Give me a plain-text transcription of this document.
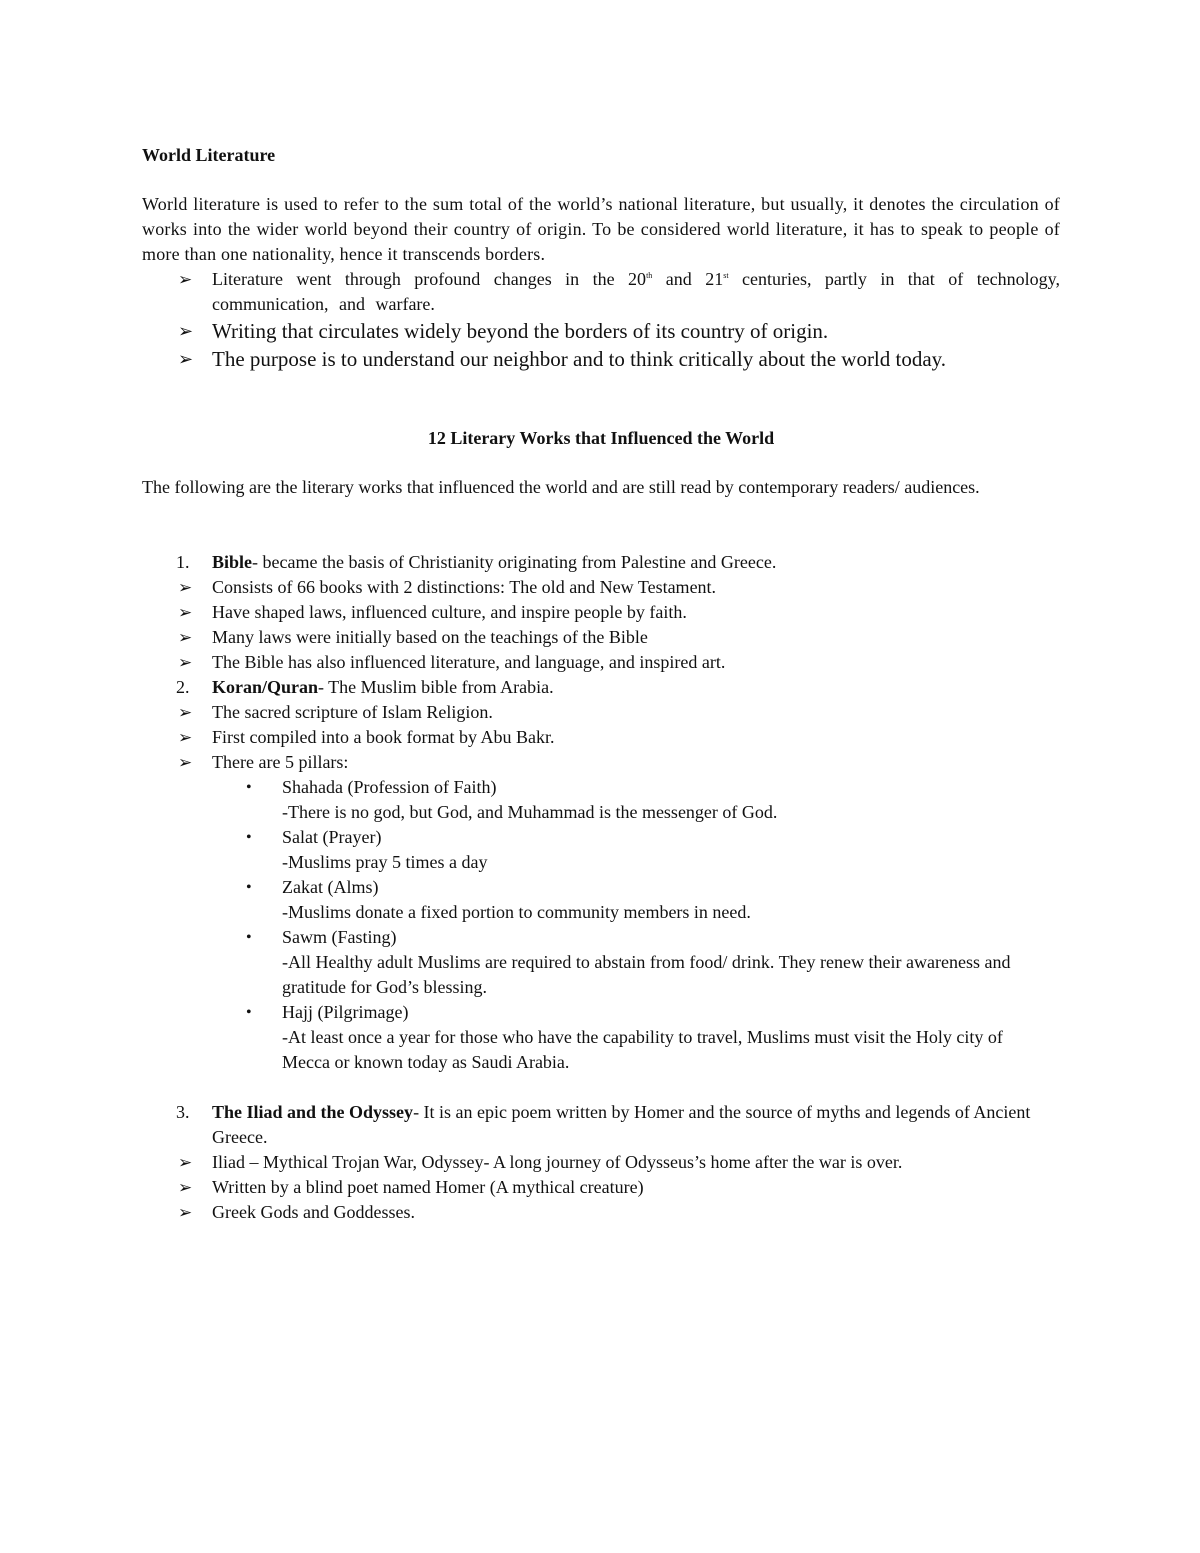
World Literature

World literature is used to refer to the sum total of the world’s national literature, but usually, it denotes the circulation of works into the wider world beyond their country of origin. To be considered world literature, it has to speak to people of more than one nationality, hence it transcends borders.

➢ Literature went through profound changes in the 20th and 21st centuries, partly in that of technology, communication, and warfare.
➢ Writing that circulates widely beyond the borders of its country of origin.
➢ The purpose is to understand our neighbor and to think critically about the world today.
12 Literary Works that Influenced the World

The following are the literary works that influenced the world and are still read by contemporary readers/ audiences.

1. Bible- became the basis of Christianity originating from Palestine and Greece.
➢ Consists of 66 books with 2 distinctions: The old and New Testament.
➢ Have shaped laws, influenced culture, and inspire people by faith.
➢ Many laws were initially based on the teachings of the Bible
➢ The Bible has also influenced literature, and language, and inspired art.
2. Koran/Quran- The Muslim bible from Arabia.
➢ The sacred scripture of Islam Religion.
➢ First compiled into a book format by Abu Bakr.
➢ There are 5 pillars:
• Shahada (Profession of Faith)
-There is no god, but God, and Muhammad is the messenger of God.
• Salat (Prayer)
-Muslims pray 5 times a day
• Zakat (Alms)
-Muslims donate a fixed portion to community members in need.
• Sawm (Fasting)
-All Healthy adult Muslims are required to abstain from food/ drink. They renew their awareness and gratitude for God’s blessing.
• Hajj (Pilgrimage)
-At least once a year for those who have the capability to travel, Muslims must visit the Holy city of Mecca or known today as Saudi Arabia.
3. The Iliad and the Odyssey- It is an epic poem written by Homer and the source of myths and legends of Ancient Greece.
➢ Iliad – Mythical Trojan War, Odyssey- A long journey of Odysseus’s home after the war is over.
➢ Written by a blind poet named Homer (A mythical creature)
➢ Greek Gods and Goddesses.
